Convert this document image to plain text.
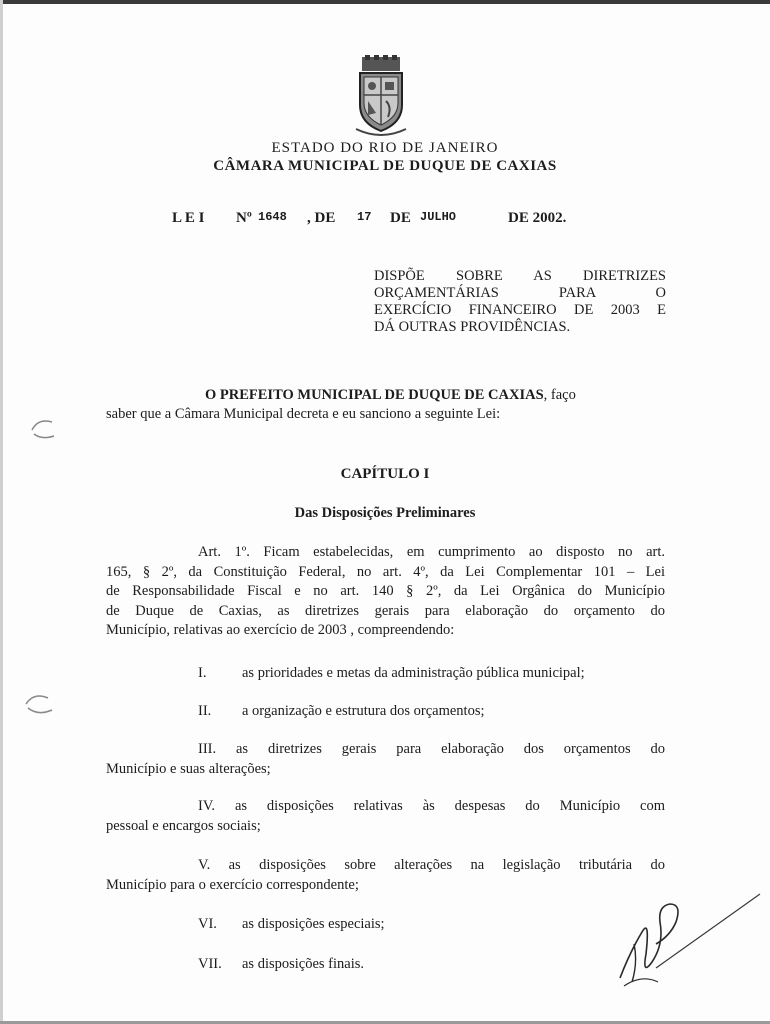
ESTADO DO RIO DE JANEIRO
CÂMARA MUNICIPAL DE DUQUE DE CAXIAS
L E I Nº 1648 , DE 17 DE JULHO	DE 2002.
DISPÕE SOBRE AS DIRETRIZES
ORÇAMENTÁRIAS PARA O
EXERCÍCIO FINANCEIRO DE 2003 E
DÁ OUTRAS PROVIDÊNCIAS.
O PREFEITO MUNICIPAL DE DUQUE DE CAXIAS, faço
saber que a Câmara Municipal decreta e eu sanciono a seguinte Lei:
CAPÍTULO I
Das Disposições Preliminares
Art. 1º. Ficam estabelecidas, em cumprimento ao disposto no art.
165, § 2º, da Constituição Federal, no art. 4º, da Lei Complementar 101 – Lei
de Responsabilidade Fiscal e no art. 140 § 2º, da Lei Orgânica do Município
de Duque de Caxias, as diretrizes gerais para elaboração do orçamento do
Município, relativas ao exercício de 2003 , compreendendo:
I. as prioridades e metas da administração pública municipal;
II. a organização e estrutura dos orçamentos;
III. as diretrizes gerais para elaboração dos orçamentos do
Município e suas alterações;
IV. as disposições relativas às despesas do Município com
pessoal e encargos sociais;
V. as disposições sobre alterações na legislação tributária do
Município para o exercício correspondente;
VI. as disposições especiais;
VII. as disposições finais.
